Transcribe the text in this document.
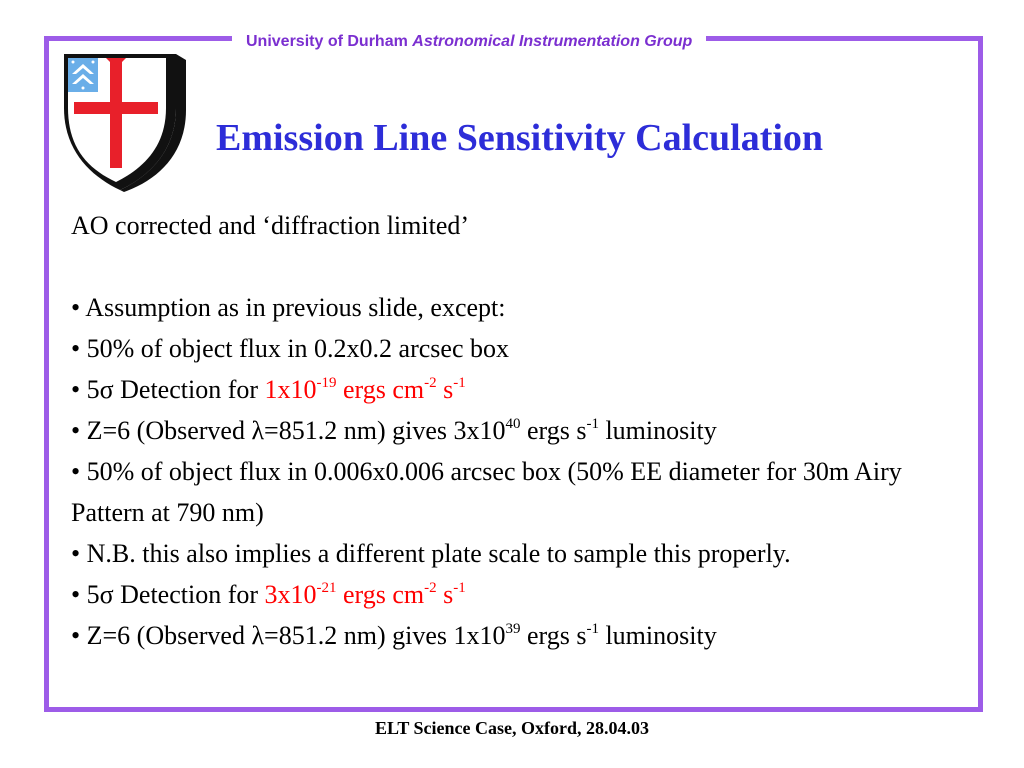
University of Durham Astronomical Instrumentation Group
Emission Line Sensitivity Calculation
AO corrected and ‘diffraction limited’
• Assumption as in previous slide, except:
• 50% of object flux in 0.2x0.2 arcsec box
• 5σ Detection for $1x10^{-19}$ ergs $cm^{-2}$ $s^{-1}$
• Z=6 (Observed λ=851.2 nm) gives $3x10^{40}$ ergs $s^{-1}$ luminosity
• 50% of object flux in 0.006x0.006 arcsec box (50% EE diameter for 30m Airy Pattern at 790 nm)
• N.B. this also implies a different plate scale to sample this properly.
• 5σ Detection for $3x10^{-21}$ ergs $cm^{-2}$ $s^{-1}$
• Z=6 (Observed λ=851.2 nm) gives $1x10^{39}$ ergs $s^{-1}$ luminosity
ELT Science Case, Oxford, 28.04.03
